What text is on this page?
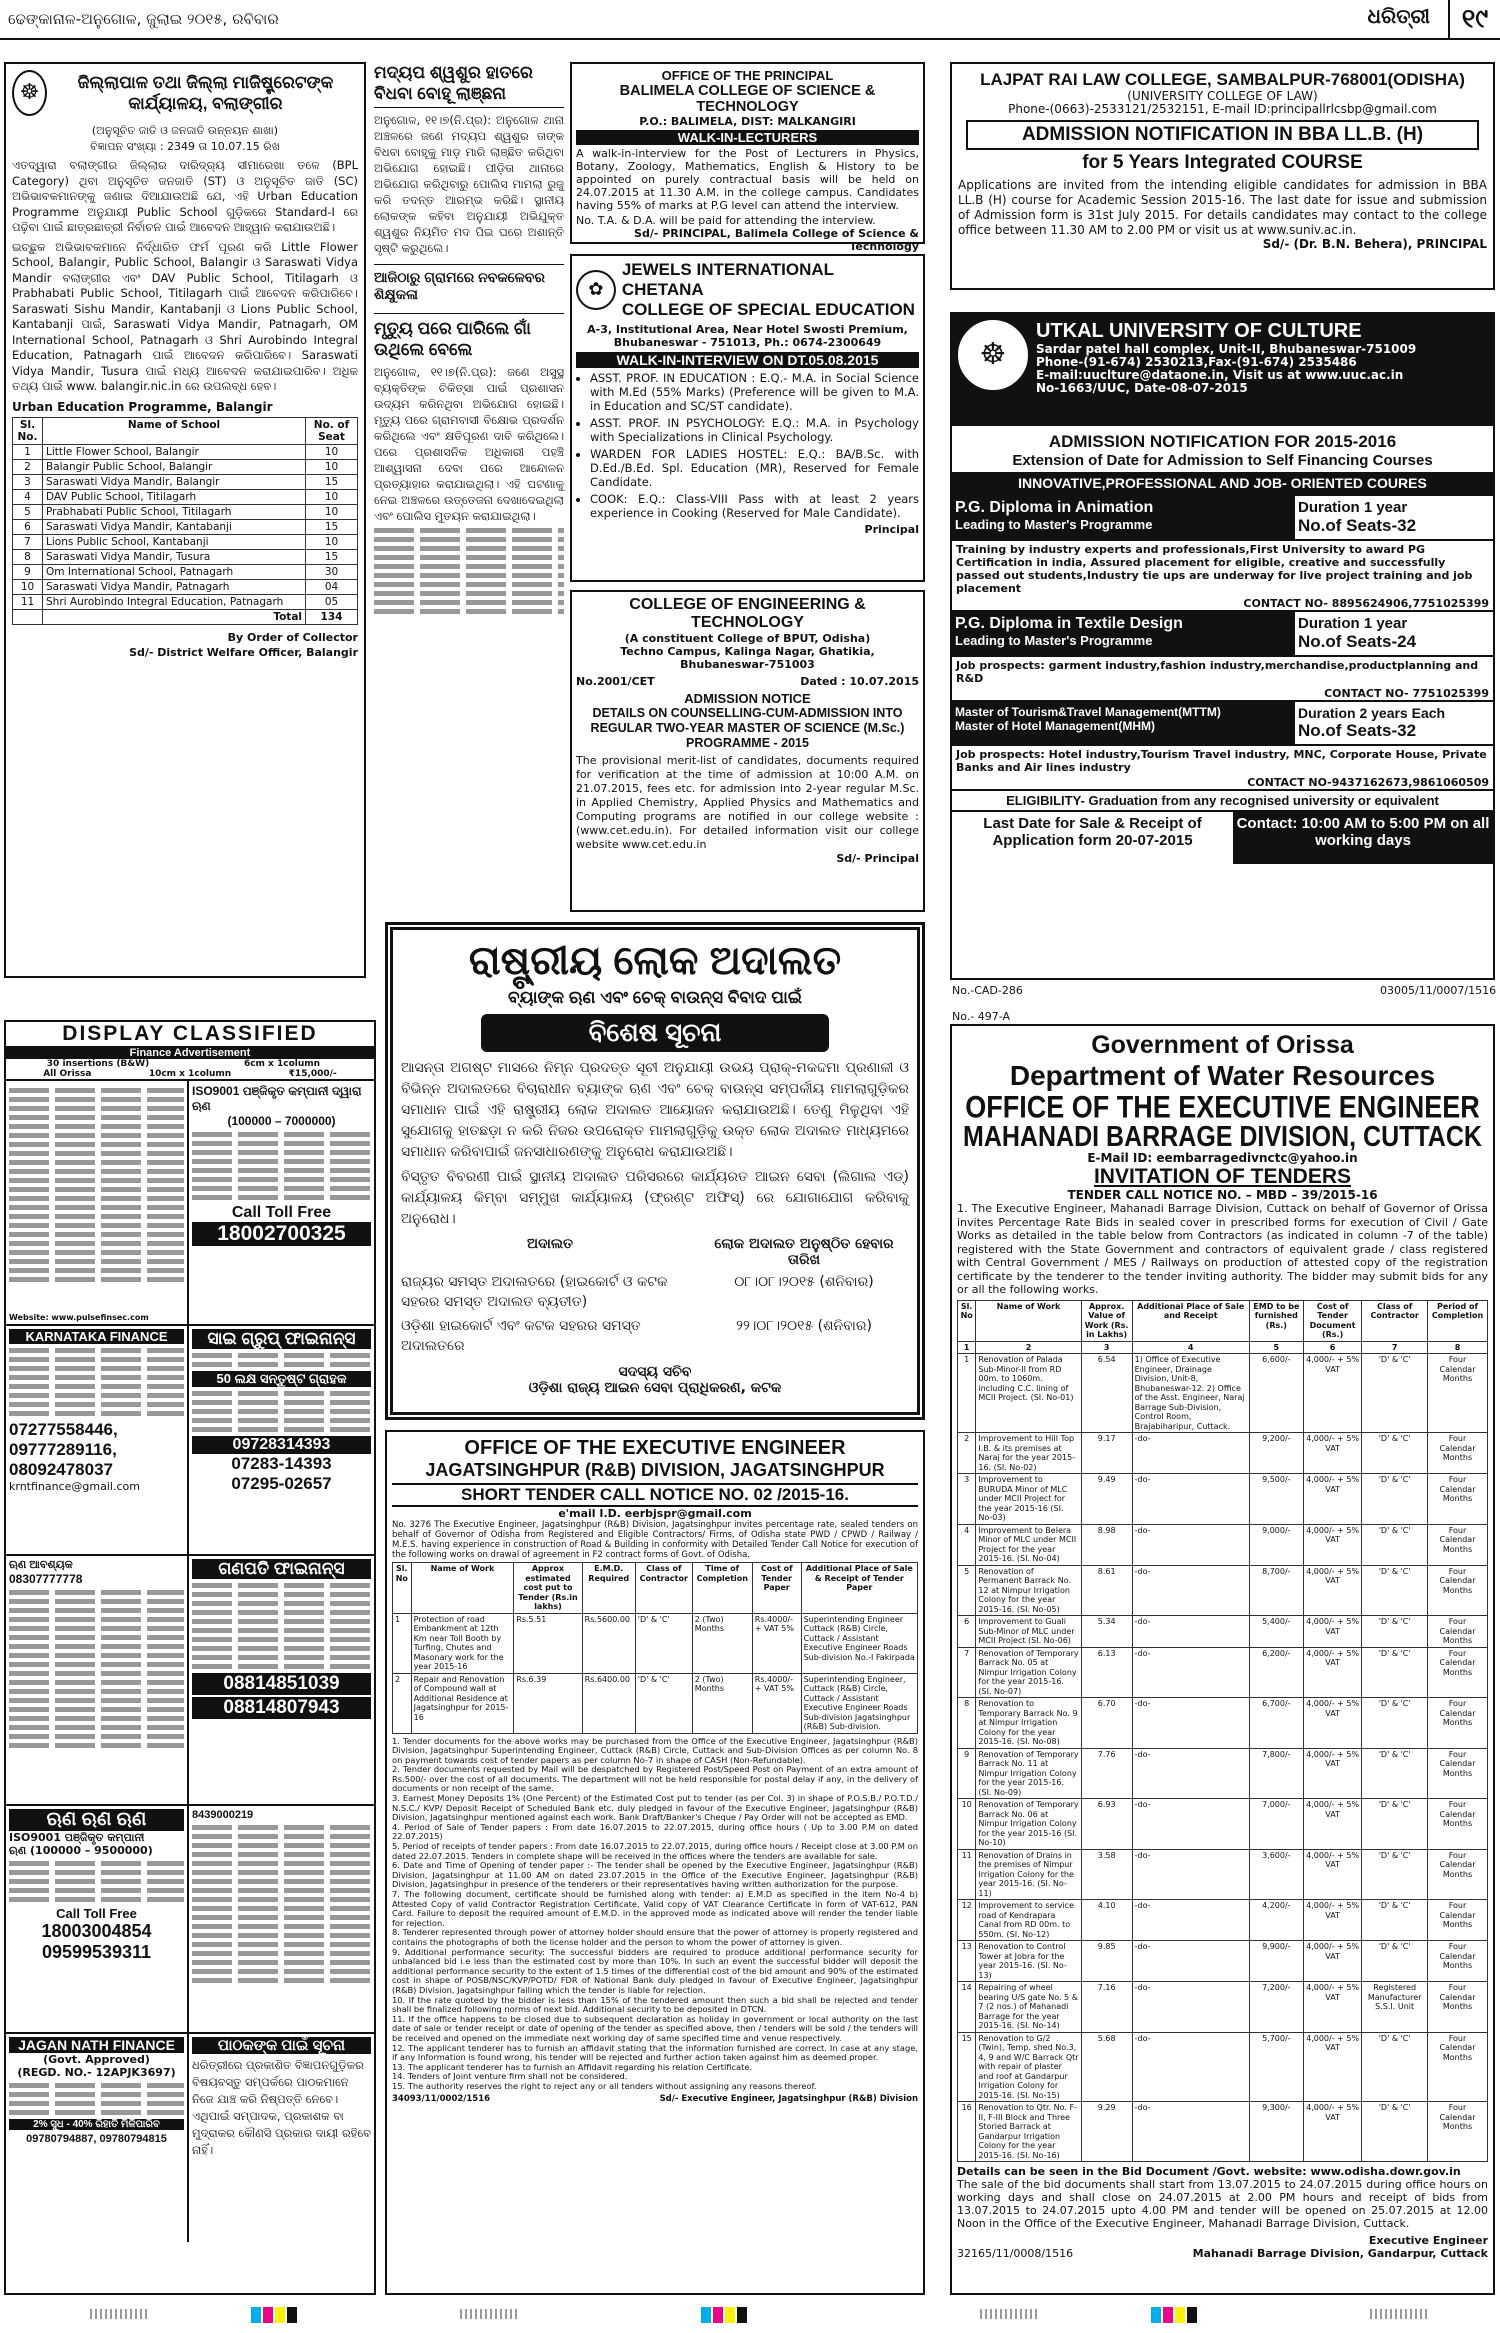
ଢେଙ୍କାନାଳ-ଅନୁଗୋଳ, ଜୁଲାଇ ୨୦୧୫, ରବିବାର	ଧରିତ୍ରୀ	୧୯
☸	ଜିଲ୍ଲାପାଳ ତଥା ଜିଲ୍ଲା ମାଜିଷ୍ଟ୍ରେଟଙ୍କ କାର୍ଯ୍ୟାଳୟ, ବଲାଙ୍ଗୀର
(ଅନୁସୂଚିତ ଜାତି ଓ ଜନଜାତି ଉନ୍ନୟନ ଶାଖା)
ବିଜ୍ଞାପନ ସଂଖ୍ୟା : 2349 ତା 10.07.15 ରିଖ

ଏତଦ୍ୱାରା ବଲାଙ୍ଗୀର ଜିଲ୍ଲାର ଦାରିଦ୍ର୍ୟ ସୀମାରେଖା ତଳେ (BPL Category) ଥିବା ଅନୁସୂଚିତ ଜନଜାତି (ST) ଓ ଅନୁସୂଚିତ ଜାତି (SC) ଅଭିଭାବକମାନଙ୍କୁ ଜଣାଇ ଦିଆଯାଉଅଛି ଯେ, ଏହି Urban Education Programme ଅନୁଯାୟୀ Public School ଗୁଡ଼ିକରେ Standard-I ରେ ପଢ଼ିବା ପାଇଁ ଛାତ୍ରଛାତ୍ରୀ ନିର୍ବାଚନ ପାଇଁ ଆବେଦନ ଆହ୍ୱାନ କରାଯାଉଅଛି।

ଇଚ୍ଛୁକ ଅଭିଭାବକମାନେ ନିର୍ଦ୍ଧାରିତ ଫର୍ମ ପୂରଣ କରି Little Flower School, Balangir, Public School, Balangir ଓ Saraswati Vidya Mandir ବଲାଙ୍ଗୀର ଏବଂ DAV Public School, Titilagarh ଓ Prabhabati Public School, Titilagarh ପାଇଁ ଆବେଦନ କରିପାରିବେ। Saraswati Sishu Mandir, Kantabanji ଓ Lions Public School, Kantabanji ପାଇଁ, Saraswati Vidya Mandir, Patnagarh, OM International School, Patnagarh ଓ Shri Aurobindo Integral Education, Patnagarh ପାଇଁ ଆବେଦନ କରିପାରିବେ। Saraswati Vidya Mandir, Tusura ପାଇଁ ମଧ୍ୟ ଆବେଦନ କରାଯାଇପାରିବ। ଅଧିକ ତଥ୍ୟ ପାଇଁ www. balangir.nic.in ରେ ଉପଲବ୍ଧ ହେବ।

Urban Education Programme, Balangir
Sl. No.	Name of School	No. of Seat
1	Little Flower School, Balangir	10
2	Balangir Public School, Balangir	10
3	Saraswati Vidya Mandir, Balangir	15
4	DAV Public School, Titilagarh	10
5	Prabhabati Public School, Titilagarh	10
6	Saraswati Vidya Mandir, Kantabanji	15
7	Lions Public School, Kantabanji	10
8	Saraswati Vidya Mandir, Tusura	15
9	Om International School, Patnagarh	30
10	Saraswati Vidya Mandir, Patnagarh	04
11	Shri Aurobindo Integral Education, Patnagarh	05
	Total	134
By Order of Collector
Sd/- District Welfare Officer, Balangir
ମଦ୍ୟପ ଶ୍ୱଶୁର ହାତରେ ବିଧବା ବୋହୂ ଲାଞ୍ଛନା

ଅନୁଗୋଳ, ୧୧।୭(ନି.ପ୍ର): ଅନୁଗୋଳ ଥାନା ଅଞ୍ଚଳରେ ଜଣେ ମଦ୍ୟପ ଶ୍ୱଶୁର ତାଙ୍କ ବିଧବା ବୋହୂକୁ ମାଡ଼ ମାରି ଲାଞ୍ଛିତ କରିଥିବା ଅଭିଯୋଗ ହୋଇଛି। ପୀଡ଼ିତା ଥାନାରେ ଅଭିଯୋଗ କରିଥିବାରୁ ପୋଲିସ ମାମଲା ରୁଜୁ କରି ତଦନ୍ତ ଆରମ୍ଭ କରିଛି। ସ୍ଥାନୀୟ ଲୋକଙ୍କ କହିବା ଅନୁଯାୟୀ ଅଭିଯୁକ୍ତ ଶ୍ୱଶୁର ନିୟମିତ ମଦ ପିଇ ଘରେ ଅଶାନ୍ତି ସୃଷ୍ଟି କରୁଥିଲେ।

ଆଜିଠାରୁ ଗ୍ରାମରେ ନବକଳେବର ଶିକ୍ଷୁକଳା
ମୃତ୍ୟୁ ପରେ ପାରିଲେ ଗାଁ ଉଥିଲେ ବେଲେ

ଅନୁଗୋଳ, ୧୧।୭(ନି.ପ୍ର): ଜଣେ ଅସୁସ୍ଥ ବ୍ୟକ୍ତିଙ୍କ ଚିକିତ୍ସା ପାଇଁ ପ୍ରଶାସନ ଉଦ୍ୟମ କରିନଥିବା ଅଭିଯୋଗ ହୋଇଛି। ମୃତ୍ୟୁ ପରେ ଗ୍ରାମବାସୀ ବିକ୍ଷୋଭ ପ୍ରଦର୍ଶନ କରିଥିଲେ ଏବଂ କ୍ଷତିପୂରଣ ଦାବି କରିଥିଲେ। ପରେ ପ୍ରଶାସନିକ ଅଧିକାରୀ ପହଞ୍ଚି ଆଶ୍ୱାସନା ଦେବା ପରେ ଆନ୍ଦୋଳନ ପ୍ରତ୍ୟାହାର କରାଯାଇଥିଲା। ଏହି ଘଟଣାକୁ ନେଇ ଅଞ୍ଚଳରେ ଉତ୍ତେଜନା ଦେଖାଦେଇଥିଲା ଏବଂ ପୋଲିସ ମୁତୟନ କରାଯାଇଥିଲା।

OFFICE OF THE PRINCIPAL
BALIMELA COLLEGE OF SCIENCE & TECHNOLOGY
P.O.: BALIMELA, DIST: MALKANGIRI
WALK-IN-LECTURERS

A walk-in-interview for the Post of Lecturers in Physics, Botany, Zoology, Mathematics, English & History to be appointed on purely contractual basis will be held on 24.07.2015 at 11.30 A.M. in the college campus. Candidates having 55% of marks at P.G level can attend the interview.

No. T.A. & D.A. will be paid for attending the interview.

Sd/- PRINCIPAL, Balimela College of Science & Technology
✿
JEWELS INTERNATIONAL CHETANA
COLLEGE OF SPECIAL EDUCATION
A-3, Institutional Area, Near Hotel Swosti Premium, Bhubaneswar - 751013, Ph.: 0674-2300649
WALK-IN-INTERVIEW ON DT.05.08.2015
• ASST. PROF. IN EDUCATION : E.Q.- M.A. in Social Science with M.Ed (55% Marks) (Preference will be given to M.A. in Education and SC/ST candidate).
• ASST. PROF. IN PSYCHOLOGY: E.Q.: M.A. in Psychology with Specializations in Clinical Psychology.
• WARDEN FOR LADIES HOSTEL: E.Q.: BA/B.Sc. with D.Ed./B.Ed. Spl. Education (MR), Reserved for Female Candidate.
• COOK: E.Q.: Class-VIII Pass with at least 2 years experience in Cooking (Reserved for Male Candidate).
Principal
COLLEGE OF ENGINEERING & TECHNOLOGY
(A constituent College of BPUT, Odisha)
Techno Campus, Kalinga Nagar, Ghatikia, Bhubaneswar-751003
No.2001/CET	Dated : 10.07.2015
ADMISSION NOTICE
DETAILS ON COUNSELLING-CUM-ADMISSION INTO REGULAR TWO-YEAR MASTER OF SCIENCE (M.Sc.) PROGRAMME - 2015

The provisional merit-list of candidates, documents required for verification at the time of admission at 10:00 A.M. on 21.07.2015, fees etc. for admission into 2-year regular M.Sc. in Applied Chemistry, Applied Physics and Mathematics and Computing programs are notified in our college website : (www.cet.edu.in). For detailed information visit our college website www.cet.edu.in

Sd/- Principal
LAJPAT RAI LAW COLLEGE, SAMBALPUR-768001(ODISHA)
(UNIVERSITY COLLEGE OF LAW)
Phone-(0663)-2533121/2532151, E-mail ID:principallrlcsbp@gmail.com
ADMISSION NOTIFICATION IN BBA LL.B. (H)
for 5 Years Integrated COURSE

Applications are invited from the intending eligible candidates for admission in BBA LL.B (H) course for Academic Session 2015-16. The last date for issue and submission of Admission form is 31st July 2015. For details candidates may contact to the college office between 11.30 AM to 2.00 PM or visit us at www.suniv.ac.in.

Sd/- (Dr. B.N. Behera), PRINCIPAL
☸
UTKAL UNIVERSITY OF CULTURE
Sardar patel hall complex, Unit-II, Bhubaneswar-751009
Phone-(91-674) 2530213,Fax-(91-674) 2535486
E-mail:uuclture@dataone.in, Visit us at www.uuc.ac.in
No-1663/UUC, Date-08-07-2015
ADMISSION NOTIFICATION FOR 2015-2016
Extension of Date for Admission to Self Financing Courses
INNOVATIVE,PROFESSIONAL AND JOB- ORIENTED COURES
P.G. Diploma in Animation
Leading to Master's Programme
Duration 1 year
No.of Seats-32
Training by industry experts and professionals,First University to award PG Certification in india, Assured placement for eligible, creative and successfully passed out students,Industry tie ups are underway for live project training and job placement
CONTACT NO- 8895624906,7751025399
P.G. Diploma in Textile Design
Leading to Master's Programme
Duration 1 year
No.of Seats-24
Job prospects: garment industry,fashion industry,merchandise,productplanning and R&D
CONTACT NO- 7751025399
Master of Tourism&Travel Management(MTTM)
Master of Hotel Management(MHM)
Duration 2 years Each
No.of Seats-32
Job prospects: Hotel industry,Tourism Travel industry, MNC, Corporate House, Private Banks and Air lines industry
CONTACT NO-9437162673,9861060509
ELIGIBILITY- Graduation from any recognised university or equivalent
Last Date for Sale & Receipt of Application form 20-07-2015
Contact: 10:00 AM to 5:00 PM on all working days
No.-CAD-286	03005/11/0007/1516
ରାଷ୍ଟ୍ରୀୟ ଲୋକ ଅଦାଲତ
ବ୍ୟାଙ୍କ ଋଣ ଏବଂ ଚେକ୍ ବାଉନ୍ସ ବିବାଦ ପାଇଁ
ବିଶେଷ ସୂଚନା

ଆସନ୍ତା ଅଗଷ୍ଟ ମାସରେ ନିମ୍ନ ପ୍ରଦତ୍ତ ସୂଚୀ ଅନୁଯାୟୀ ଉଭୟ ପ୍ରାକ୍-ମକଦ୍ଦମା ପ୍ରଣାଳୀ ଓ ବିଭିନ୍ନ ଅଦାଲତରେ ବିଚାରାଧୀନ ବ୍ୟାଙ୍କ ଋଣ ଏବଂ ଚେକ୍ ବାଉନ୍ସ ସମ୍ପର୍କୀୟ ମାମଲାଗୁଡ଼ିକର ସମାଧାନ ପାଇଁ ଏହି ରାଷ୍ଟ୍ରୀୟ ଲୋକ ଅଦାଲତ ଆୟୋଜନ କରାଯାଉଅଛି। ତେଣୁ ମିଳୁଥିବା ଏହି ସୁଯୋଗକୁ ହାତଛଡ଼ା ନ କରି ନିଜର ଉପରୋକ୍ତ ମାମଲାଗୁଡ଼ିକୁ ଉକ୍ତ ଲୋକ ଅଦାଲତ ମାଧ୍ୟମରେ ସମାଧାନ କରିବାପାଇଁ ଜନସାଧାରଣଙ୍କୁ ଅନୁରୋଧ କରାଯାଉଅଛି।

ବିସ୍ତୃତ ବିବରଣୀ ପାଇଁ ସ୍ଥାନୀୟ ଅଦାଲତ ପରିସରରେ କାର୍ଯ୍ୟରତ ଆଇନ ସେବା (ଲିଗାଲ ଏଡ୍) କାର୍ଯ୍ୟାଳୟ କିମ୍ବା ସମ୍ମୁଖ କାର୍ଯ୍ୟାଳୟ (ଫ୍ରଣ୍ଟ ଅଫିସ୍) ରେ ଯୋଗାଯୋଗ କରିବାକୁ ଅନୁରୋଧ।

ଅଦାଲତ	ଲୋକ ଅଦାଲତ ଅନୁଷ୍ଠିତ ହେବାର ତାରିଖ
ରାଜ୍ୟର ସମସ୍ତ ଅଦାଲତରେ (ହାଇକୋର୍ଟ ଓ କଟକ ସହରର ସମସ୍ତ ଅଦାଲତ ବ୍ୟତୀତ)
୦୮।୦୮।୨୦୧୫ (ଶନିବାର)
ଓଡ଼ିଶା ହାଇକୋର୍ଟ ଏବଂ କଟକ ସହରର ସମସ୍ତ ଅଦାଲତରେ
୨୨।୦୮।୨୦୧୫ (ଶନିବାର)
ସଦସ୍ୟ ସଚିବ
ଓଡ଼ିଶା ରାଜ୍ୟ ଆଇନ ସେବା ପ୍ରାଧିକରଣ, କଟକ
OFFICE OF THE EXECUTIVE ENGINEER
JAGATSINGHPUR (R&B) DIVISION, JAGATSINGHPUR
SHORT TENDER CALL NOTICE NO. 02 /2015-16.
e'mail I.D. eerbjspr@gmail.com

No. 3276 The Executive Engineer, Jagatsinghpur (R&B) Division, Jagatsinghpur invites percentage rate, sealed tenders on behalf of Governor of Odisha from Registered and Eligible Contractors/ Firms, of Odisha state PWD / CPWD / Railway / M.E.S. having experience in construction of Road & Building in conformity with Detailed Tender Call Notice for execution of the following works on drawal of agreement in F2 contract forms of Govt. of Odisha.

Sl. No	Name of Work	Approx estimated cost put to Tender (Rs.in lakhs)	E.M.D. Required	Class of Contractor	Time of Completion	Cost of Tender Paper	Additional Place of Sale & Receipt of Tender Paper
1	Protection of road Embankment at 12th Km near Toll Booth by Turfing, Chutes and Masonary work for the year 2015-16	Rs.5.51	Rs.5600.00	'D' & 'C'	2 (Two) Months	Rs.4000/- + VAT 5%	Superintending Engineer Cuttack (R&B) Circle, Cuttack / Assistant Executive Engineer Roads Sub-division No.-I Fakirpada
2	Repair and Renovation of Compound wall at Additional Residence at Jagatsinghpur for 2015-16	Rs.6.39	Rs.6400.00	'D' & 'C'	2 (Two) Months	Rs.4000/- + VAT 5%	Superintending Engineer, Cuttack (R&B) Circle, Cuttack / Assistant Executive Engineer Roads Sub-division Jagatsinghpur (R&B) Sub-division.

1. Tender documents for the above works may be purchased from the Office of the Executive Engineer, Jagatsinghpur (R&B) Division, Jagatsinghpur Superintending Engineer, Cuttack (R&B) Circle, Cuttack and Sub-Division Offices as per column No. 8 on payment towards cost of tender papers as per column No-7 in shape of CASH (Non-Refundable).

2. Tender documents requested by Mail will be despatched by Registered Post/Speed Post on Payment of an extra amount of Rs.500/- over the cost of all documents. The department will not be held responsible for postal delay if any, in the delivery of documents or non receipt of the same.

3. Earnest Money Deposits 1% (One Percent) of the Estimated Cost put to tender (as per Col. 3) in shape of P.O.S.B./ P.O.T.D./ N.S.C./ KVP/ Deposit Receipt of Scheduled Bank etc. duly pledged in favour of the Executive Engineer, Jagatsinghpur (R&B) Division, Jagatsinghpur mentioned against each work. Bank Draft/Banker's Cheque / Pay Order will not be accepted as EMD.

4. Period of Sale of Tender papers : From date 16.07.2015 to 22.07.2015, during office hours ( Up to 3.00 P.M on dated 22.07.2015)

5. Period of receipts of tender papers : From date 16.07.2015 to 22.07.2015, during office hours / Receipt close at 3.00 P.M on dated 22.07.2015. Tenders in complete shape will be received in the offices where the tenders are available for sale.

6. Date and Time of Opening of tender paper :- The tender shall be opened by the Executive Engineer, Jagatsinghpur (R&B) Division, Jagatsinghpur at 11.00 AM on dated 23.07.2015 in the Office of the Executive Engineer, Jagatsinghpur (R&B) Division, Jagatsinghpur in presence of the tenderers or their representatives having written authorization for the purpose.

7. The following document, certificate should be furnished along with tender: a) E.M.D as specified in the item No-4 b) Attested Copy of valid Contractor Registration Certificate, Valid copy of VAT Clearance Certificate in form of VAT-612, PAN Card. Failure to deposit the required amount of E.M.D. in the approved mode as indicated above will render the tender liable for rejection.

8. Tenderer represented through power of attorney holder should ensure that the power of attorney is properly registered and contains the photographs of both the license holder and the person to whom the power of attorney is given.

9. Additional performance security: The successful bidders are required to produce additional performance security for unbalanced bid i.e less than the estimated cost by more than 10%. In such an event the successful bidder will deposit the additional performance security to the extent of 1.5 times of the differential cost of the bid amount and 90% of the estimated cost in shape of POSB/NSC/KVP/POTD/ FDR of National Bank duly pledged in favour of Executive Engineer, Jagatsinghpur (R&B) Division, Jagatsinghpur failing which the tender is liable for rejection.

10. If the rate quoted by the bidder is less than 15% of the tendered amount then such a bid shall be rejected and tender shall be finalized following norms of next bid. Additional security to be deposited in DTCN.

11. If the office happens to be closed due to subsequent declaration as holiday in government or local authority on the last date of sale or tender receipt or date of opening of the tender as specified above, then / tenders will be sold / the tenders will be received and opened on the immediate next working day of same specified time and venue respectively.

12. The applicant tenderer has to furnish an affidavit stating that the information furnished are correct. In case at any stage, if any Information is found wrong, his tender will be rejected and further action taken against him as deemed proper.

13. The applicant tenderer has to furnish an Affidavit regarding his relation Certificate.

14. Tenders of Joint venture firm shall not be considered.

15. The authority reserves the right to reject any or all tenders without assigning any reasons thereof.

34093/11/0002/1516	Sd/- Executive Engineer, Jagatsinghpur (R&B) Division
No.- 497-A
Government of Orissa
Department of Water Resources
OFFICE OF THE EXECUTIVE ENGINEER
MAHANADI BARRAGE DIVISION, CUTTACK
E-Mail ID: eembarragedivnctc@yahoo.in
INVITATION OF TENDERS
TENDER CALL NOTICE NO. – MBD – 39/2015-16

1. The Executive Engineer, Mahanadi Barrage Division, Cuttack on behalf of Governor of Orissa invites Percentage Rate Bids in sealed cover in prescribed forms for execution of Civil / Gate Works as detailed in the table below from Contractors (as indicated in column -7 of the table) registered with the State Government and contractors of equivalent grade / class registered with Central Government / MES / Railways on production of attested copy of the registration certificate by the tenderer to the tender inviting authority. The bidder may submit bids for any or all the following works.

Sl. No	Name of Work	Approx. Value of Work (Rs. in Lakhs)	Additional Place of Sale and Receipt	EMD to be furnished (Rs.)	Cost of Tender Document (Rs.)	Class of Contractor	Period of Completion
1	2	3	4	5	6	7	8
1	Renovation of Palada Sub-Minor-II from RD 00m. to 1060m. including C.C. lining of MCII Project. (SI. No-01)	6.54	1) Office of Executive Engineer, Drainage Division, Unit-8, Bhubaneswar-12. 2) Office of the Asst. Engineer, Naraj Barrage Sub-Division, Control Room, Brajabiharipur, Cuttack.	6,600/-	4,000/- + 5% VAT	'D' & 'C'	Four Calendar Months
2	Improvement to Hill Top I.B. & its premises at Naraj for the year 2015-16. (SI. No-02)	9.17	-do-	9,200/-	4,000/- + 5% VAT	'D' & 'C'	Four Calendar Months
3	Improvement to BURUDA Minor of MLC under MCII Project for the year 2015-16 (SI. No-03)	9.49	-do-	9,500/-	4,000/- + 5% VAT	'D' & 'C'	Four Calendar Months
4	Improvement to Belera Minor of MLC under MCII Project for the year 2015-16. (SI. No-04)	8.98	-do-	9,000/-	4,000/- + 5% VAT	'D' & 'C'	Four Calendar Months
5	Renovation of Permanent Barrack No. 12 at Nimpur Irrigation Colony for the year 2015-16. (SI. No-05)	8.61	-do-	8,700/-	4,000/- + 5% VAT	'D' & 'C'	Four Calendar Months
6	Improvement to Guali Sub-Minor of MLC under MCII Project (SI. No-06)	5.34	-do-	5,400/-	4,000/- + 5% VAT	'D' & 'C'	Four Calendar Months
7	Renovation of Temporary Barrack No. 05 at Nimpur Irrigation Colony for the year 2015-16. (SI. No-07)	6.13	-do-	6,200/-	4,000/- + 5% VAT	'D' & 'C'	Four Calendar Months
8	Renovation to Temporary Barrack No. 9 at Nimpur Irrigation Colony for the year 2015-16. (SI. No-08)	6.70	-do-	6,700/-	4,000/- + 5% VAT	'D' & 'C'	Four Calendar Months
9	Renovation of Temporary Barrack No. 11 at Nimpur Irrigation Colony for the year 2015-16. (SI. No-09)	7.76	-do-	7,800/-	4,000/- + 5% VAT	'D' & 'C'	Four Calendar Months
10	Renovation of Temporary Barrack No. 06 at Nimpur Irrigation Colony for the year 2015-16 (SI. No-10)	6.93	-do-	7,000/-	4,000/- + 5% VAT	'D' & 'C'	Four Calendar Months
11	Renovation of Drains in the premises of Nimpur Irrigation Colony for the year 2015-16. (SI. No-11)	3.58	-do-	3,600/-	4,000/- + 5% VAT	'D' & 'C'	Four Calendar Months
12	Improvement to service road of Kendrapara Canal from RD 00m. to 550m. (SI. No-12)	4.10	-do-	4,200/-	4,000/- + 5% VAT	'D' & 'C'	Four Calendar Months
13	Renovation to Control Tower at Jobra for the year 2015-16. (SI. No-13)	9.85	-do-	9,900/-	4,000/- + 5% VAT	'D' & 'C'	Four Calendar Months
14	Repairing of wheel bearing U/S gate No. 5 & 7 (2 nos.) of Mahanadi Barrage for the year 2015-16. (SI. No-14)	7.16	-do-	7,200/-	4,000/- + 5% VAT	Registered Manufacturer S.S.I. Unit	Four Calendar Months
15	Renovation to G/2 (Twin), Temp. shed No.3, 4, 9 and W/C Barrack Qtr with repair of plaster and roof at Gandarpur Irrigation Colony for 2015-16. (SI. No-15)	5.68	-do-	5,700/-	4,000/- + 5% VAT	'D' & 'C'	Four Calendar Months
16	Renovation to Qtr. No. F-II, F-III Block and Three Storied Barrack at Gandarpur Irrigation Colony for the year 2015-16. (SI. No-16)	9.29	-do-	9,300/-	4,000/- + 5% VAT	'D' & 'C'	Four Calendar Months

Details can be seen in the Bid Document /Govt. website: www.odisha.dowr.gov.in

The sale of the bid documents shall start from 13.07.2015 to 24.07.2015 during office hours on working days and shall close on 24.07.2015 at 2.00 PM hours and receipt of bids from 13.07.2015 to 24.07.2015 upto 4.00 PM and tender will be opened on 25.07.2015 at 12.00 Noon in the Office of the Executive Engineer, Mahanadi Barrage Division, Cuttack.

Executive Engineer
32165/11/0008/1516	Mahanadi Barrage Division, Gandarpur, Cuttack
DISPLAY CLASSIFIED
Finance Advertisement
30 insertions (B&W)	6cm x 1column
All Orissa	10cm x 1column	₹15,000/-
Website: www.pulsefinsec.com
ISO9001 ପଞ୍ଜିକୃତ କମ୍ପାନୀ ଦ୍ୱାରା ଋଣ
(100000 – 7000000)
Call Toll Free
18002700325
KARNATAKA FINANCE
07277558446,
09777289116,
08092478037
krntfinance@gmail.com
ସାଇ ଗ୍ରୁପ୍ ଫାଇନାନ୍ସ
50 ଲକ୍ଷ ସନ୍ତୁଷ୍ଟ ଗ୍ରାହକ
09728314393
07283-14393
07295-02657
ଋଣ ଆବଶ୍ୟକ
08307777778
ଗଣପତି ଫାଇନାନ୍ସ
08814851039
08814807943
ଋଣ ଋଣ ଋଣ
ISO9001 ପଞ୍ଜିକୃତ କମ୍ପାନୀ
ଋଣ (100000 – 9500000)
Call Toll Free
18003004854
09599539311
8439000219
JAGAN NATH FINANCE
(Govt. Approved)
(REGD. NO.- 12APJK3697)
2% ସୁଧ - 40% ରିହାତି ମିଳିପାରିବ
09780794887, 09780794815
ପାଠକଙ୍କ ପାଇଁ ସୂଚନା

ଧରିତ୍ରୀରେ ପ୍ରକାଶିତ ବିଜ୍ଞାପନଗୁଡ଼ିକର ବିଷୟବସ୍ତୁ ସମ୍ପର୍କରେ ପାଠକମାନେ ନିଜେ ଯାଞ୍ଚ କରି ନିଷ୍ପତ୍ତି ନେବେ। ଏଥିପାଇଁ ସମ୍ପାଦକ, ପ୍ରକାଶକ ବା ମୁଦ୍ରାକର କୌଣସି ପ୍ରକାର ଦାୟୀ ରହିବେ ନାହିଁ।
